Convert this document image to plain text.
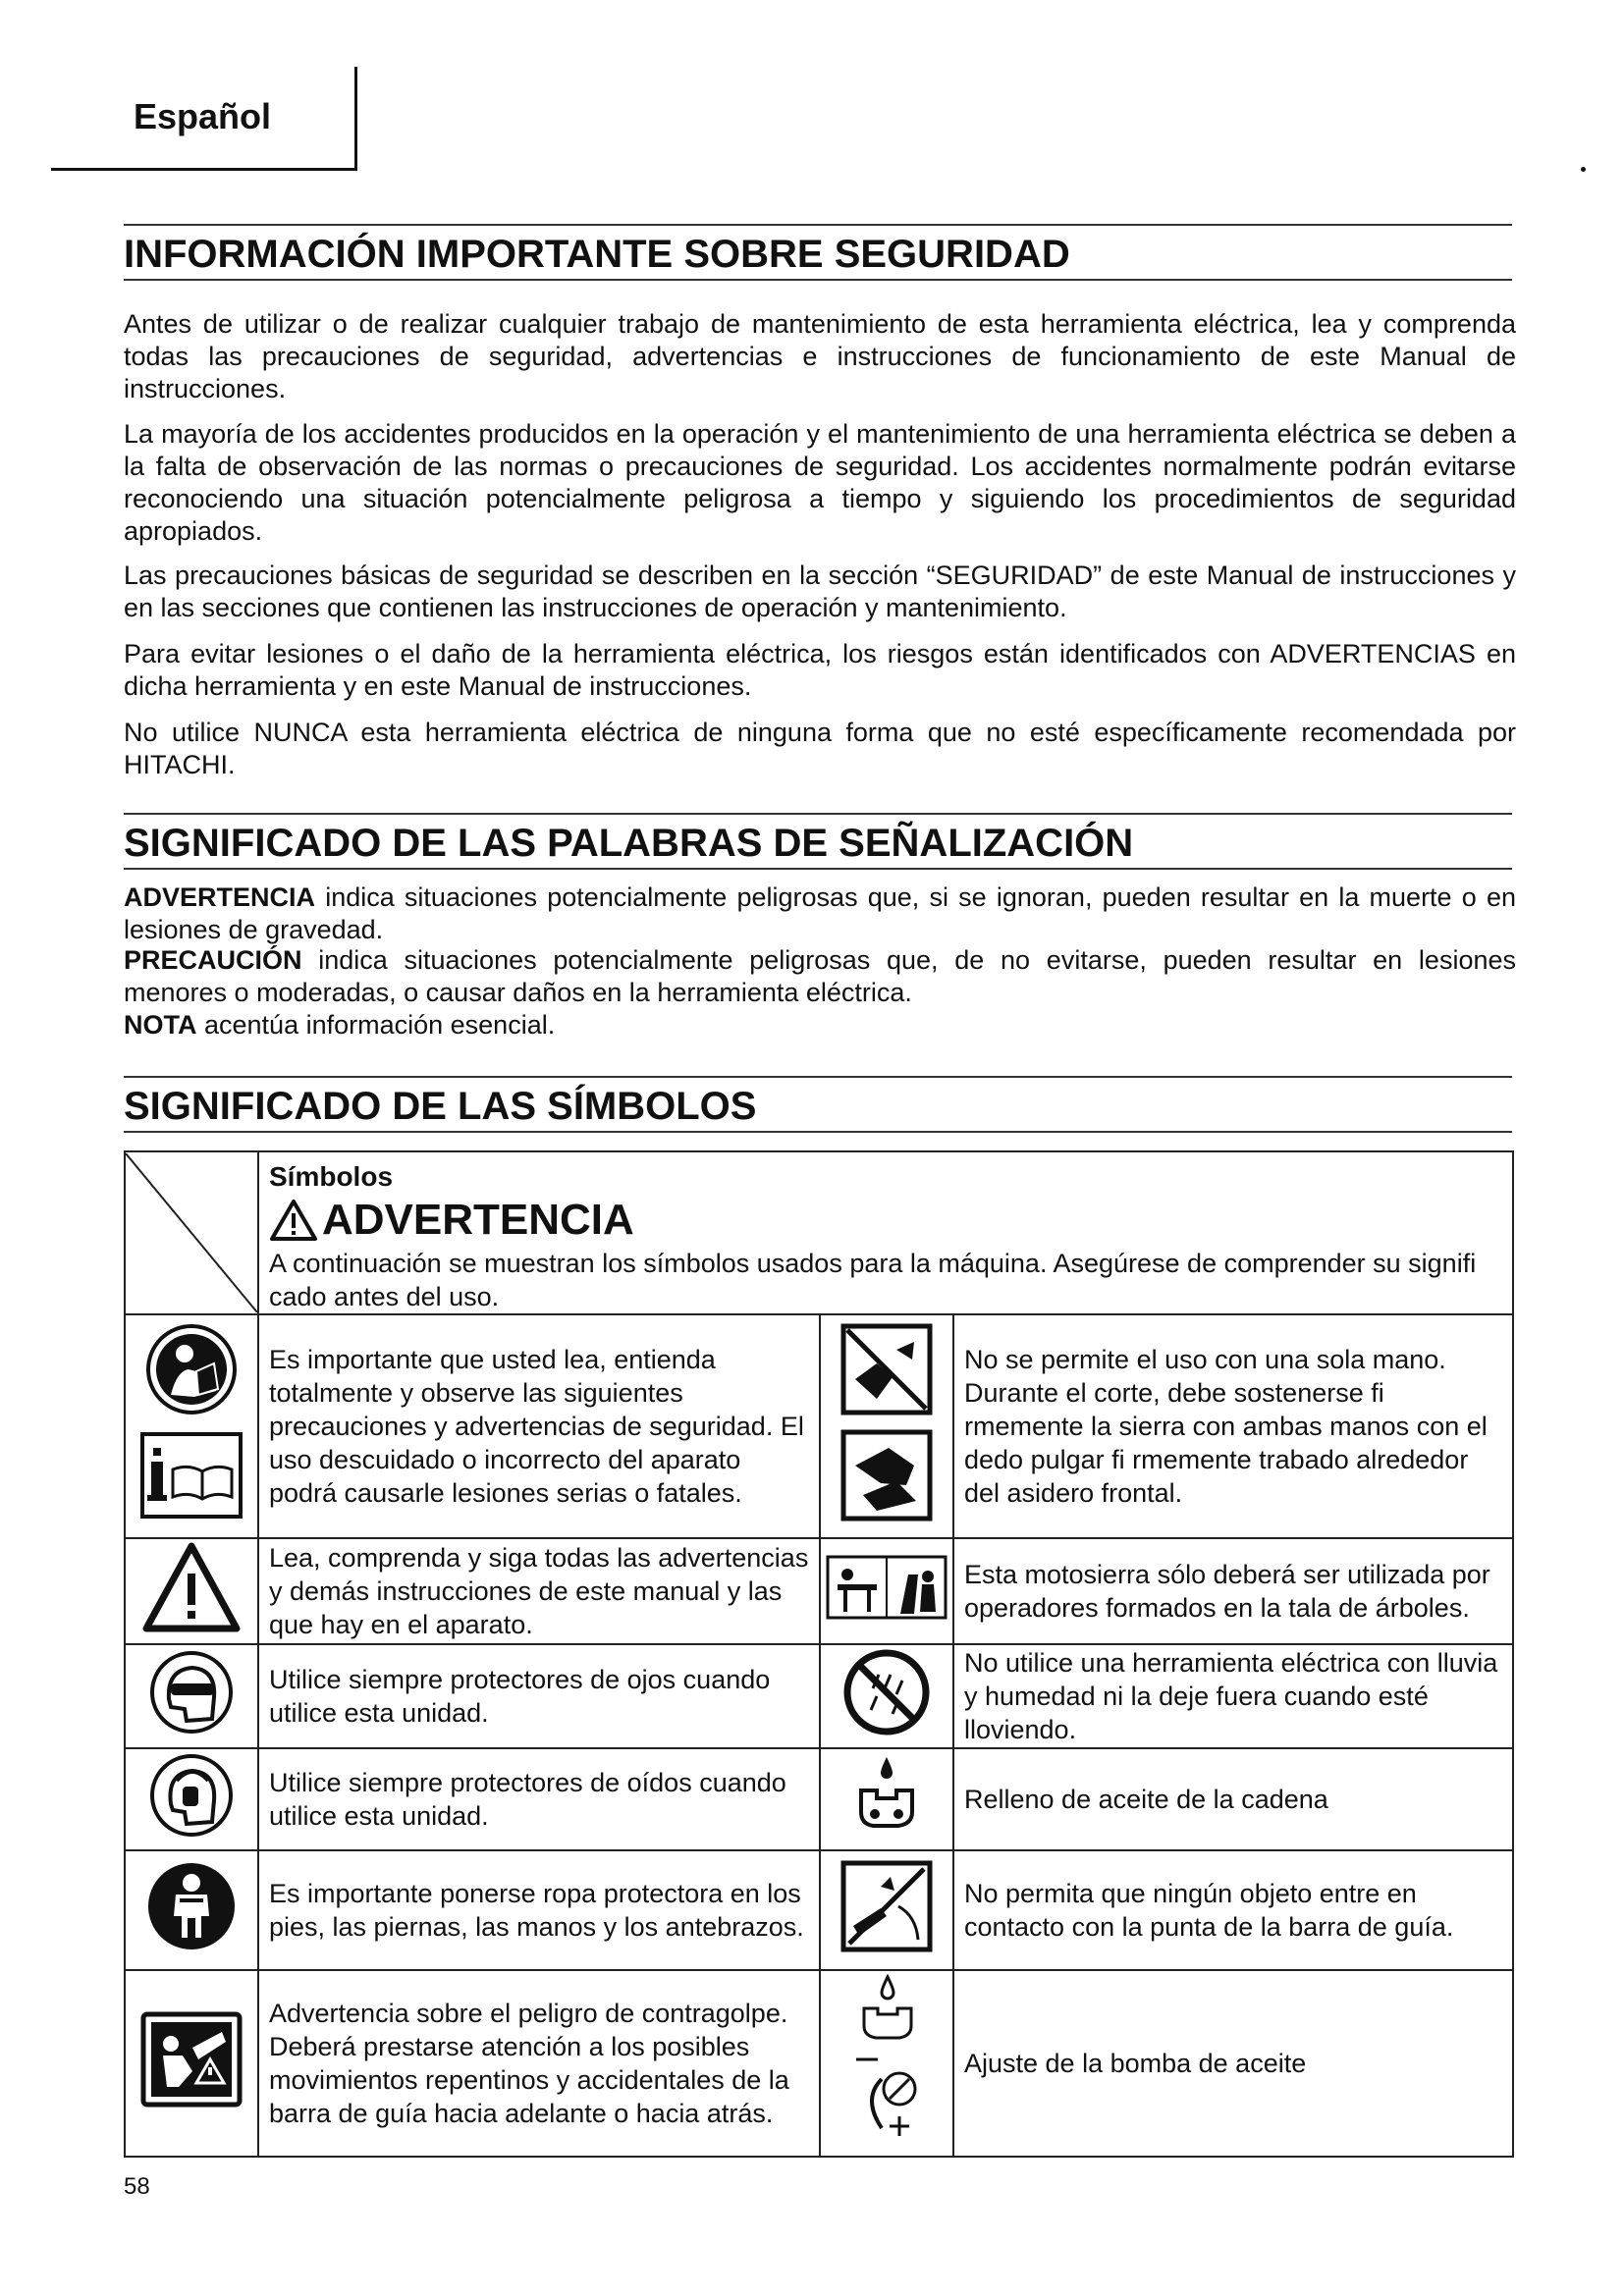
Español
INFORMACIÓN IMPORTANTE SOBRE SEGURIDAD

Antes de utilizar o de realizar cualquier trabajo de mantenimiento de esta herramienta eléctrica, lea y comprenda todas las precauciones de seguridad, advertencias e instrucciones de funcionamiento de este Manual de instrucciones.

La mayoría de los accidentes producidos en la operación y el mantenimiento de una herramienta eléctrica se deben a la falta de observación de las normas o precauciones de seguridad. Los accidentes normalmente podrán evitarse reconociendo una situación potencialmente peligrosa a tiempo y siguiendo los procedimientos de seguridad apropiados.

Las precauciones básicas de seguridad se describen en la sección “SEGURIDAD” de este Manual de instrucciones y en las secciones que contienen las instrucciones de operación y mantenimiento.

Para evitar lesiones o el daño de la herramienta eléctrica, los riesgos están identificados con ADVERTENCIAS en dicha herramienta y en este Manual de instrucciones.

No utilice NUNCA esta herramienta eléctrica de ninguna forma que no esté específicamente recomendada por HITACHI.

SIGNIFICADO DE LAS PALABRAS DE SEÑALIZACIÓN

ADVERTENCIA indica situaciones potencialmente peligrosas que, si se ignoran, pueden resultar en la muerte o en lesiones de gravedad.

PRECAUCIÓN indica situaciones potencialmente peligrosas que, de no evitarse, pueden resultar en lesiones menores o moderadas, o causar daños en la herramienta eléctrica.

NOTA acentúa información esencial.

SIGNIFICADO DE LAS SÍMBOLOS

Símbolos
ADVERTENCIA
A continuación se muestran los símbolos usados para la máquina. Asegúrese de comprender su signifi cado antes del uso.		

	Es importante que usted lea, entienda totalmente y observe las siguientes precauciones y advertencias de seguridad. El uso descuidado o incorrecto del aparato podrá causarle lesiones serias o fatales.		No se permite el uso con una sola mano. Durante el corte, debe sostenerse fi rmemente la sierra con ambas manos con el dedo pulgar fi rmemente trabado alrededor del asidero frontal.
	Lea, comprenda y siga todas las advertencias y demás instrucciones de este manual y las que hay en el aparato.		Esta motosierra sólo deberá ser utilizada por operadores formados en la tala de árboles.
	Utilice siempre protectores de ojos cuando utilice esta unidad.		No utilice una herramienta eléctrica con lluvia y humedad ni la deje fuera cuando esté lloviendo.
	Utilice siempre protectores de oídos cuando utilice esta unidad.		Relleno de aceite de la cadena
	Es importante ponerse ropa protectora en los pies, las piernas, las manos y los antebrazos.		No permita que ningún objeto entre en contacto con la punta de la barra de guía.
	Advertencia sobre el peligro de contragolpe. Deberá prestarse atención a los posibles movimientos repentinos y accidentales de la barra de guía hacia adelante o hacia atrás.		Ajuste de la bomba de aceite
58
